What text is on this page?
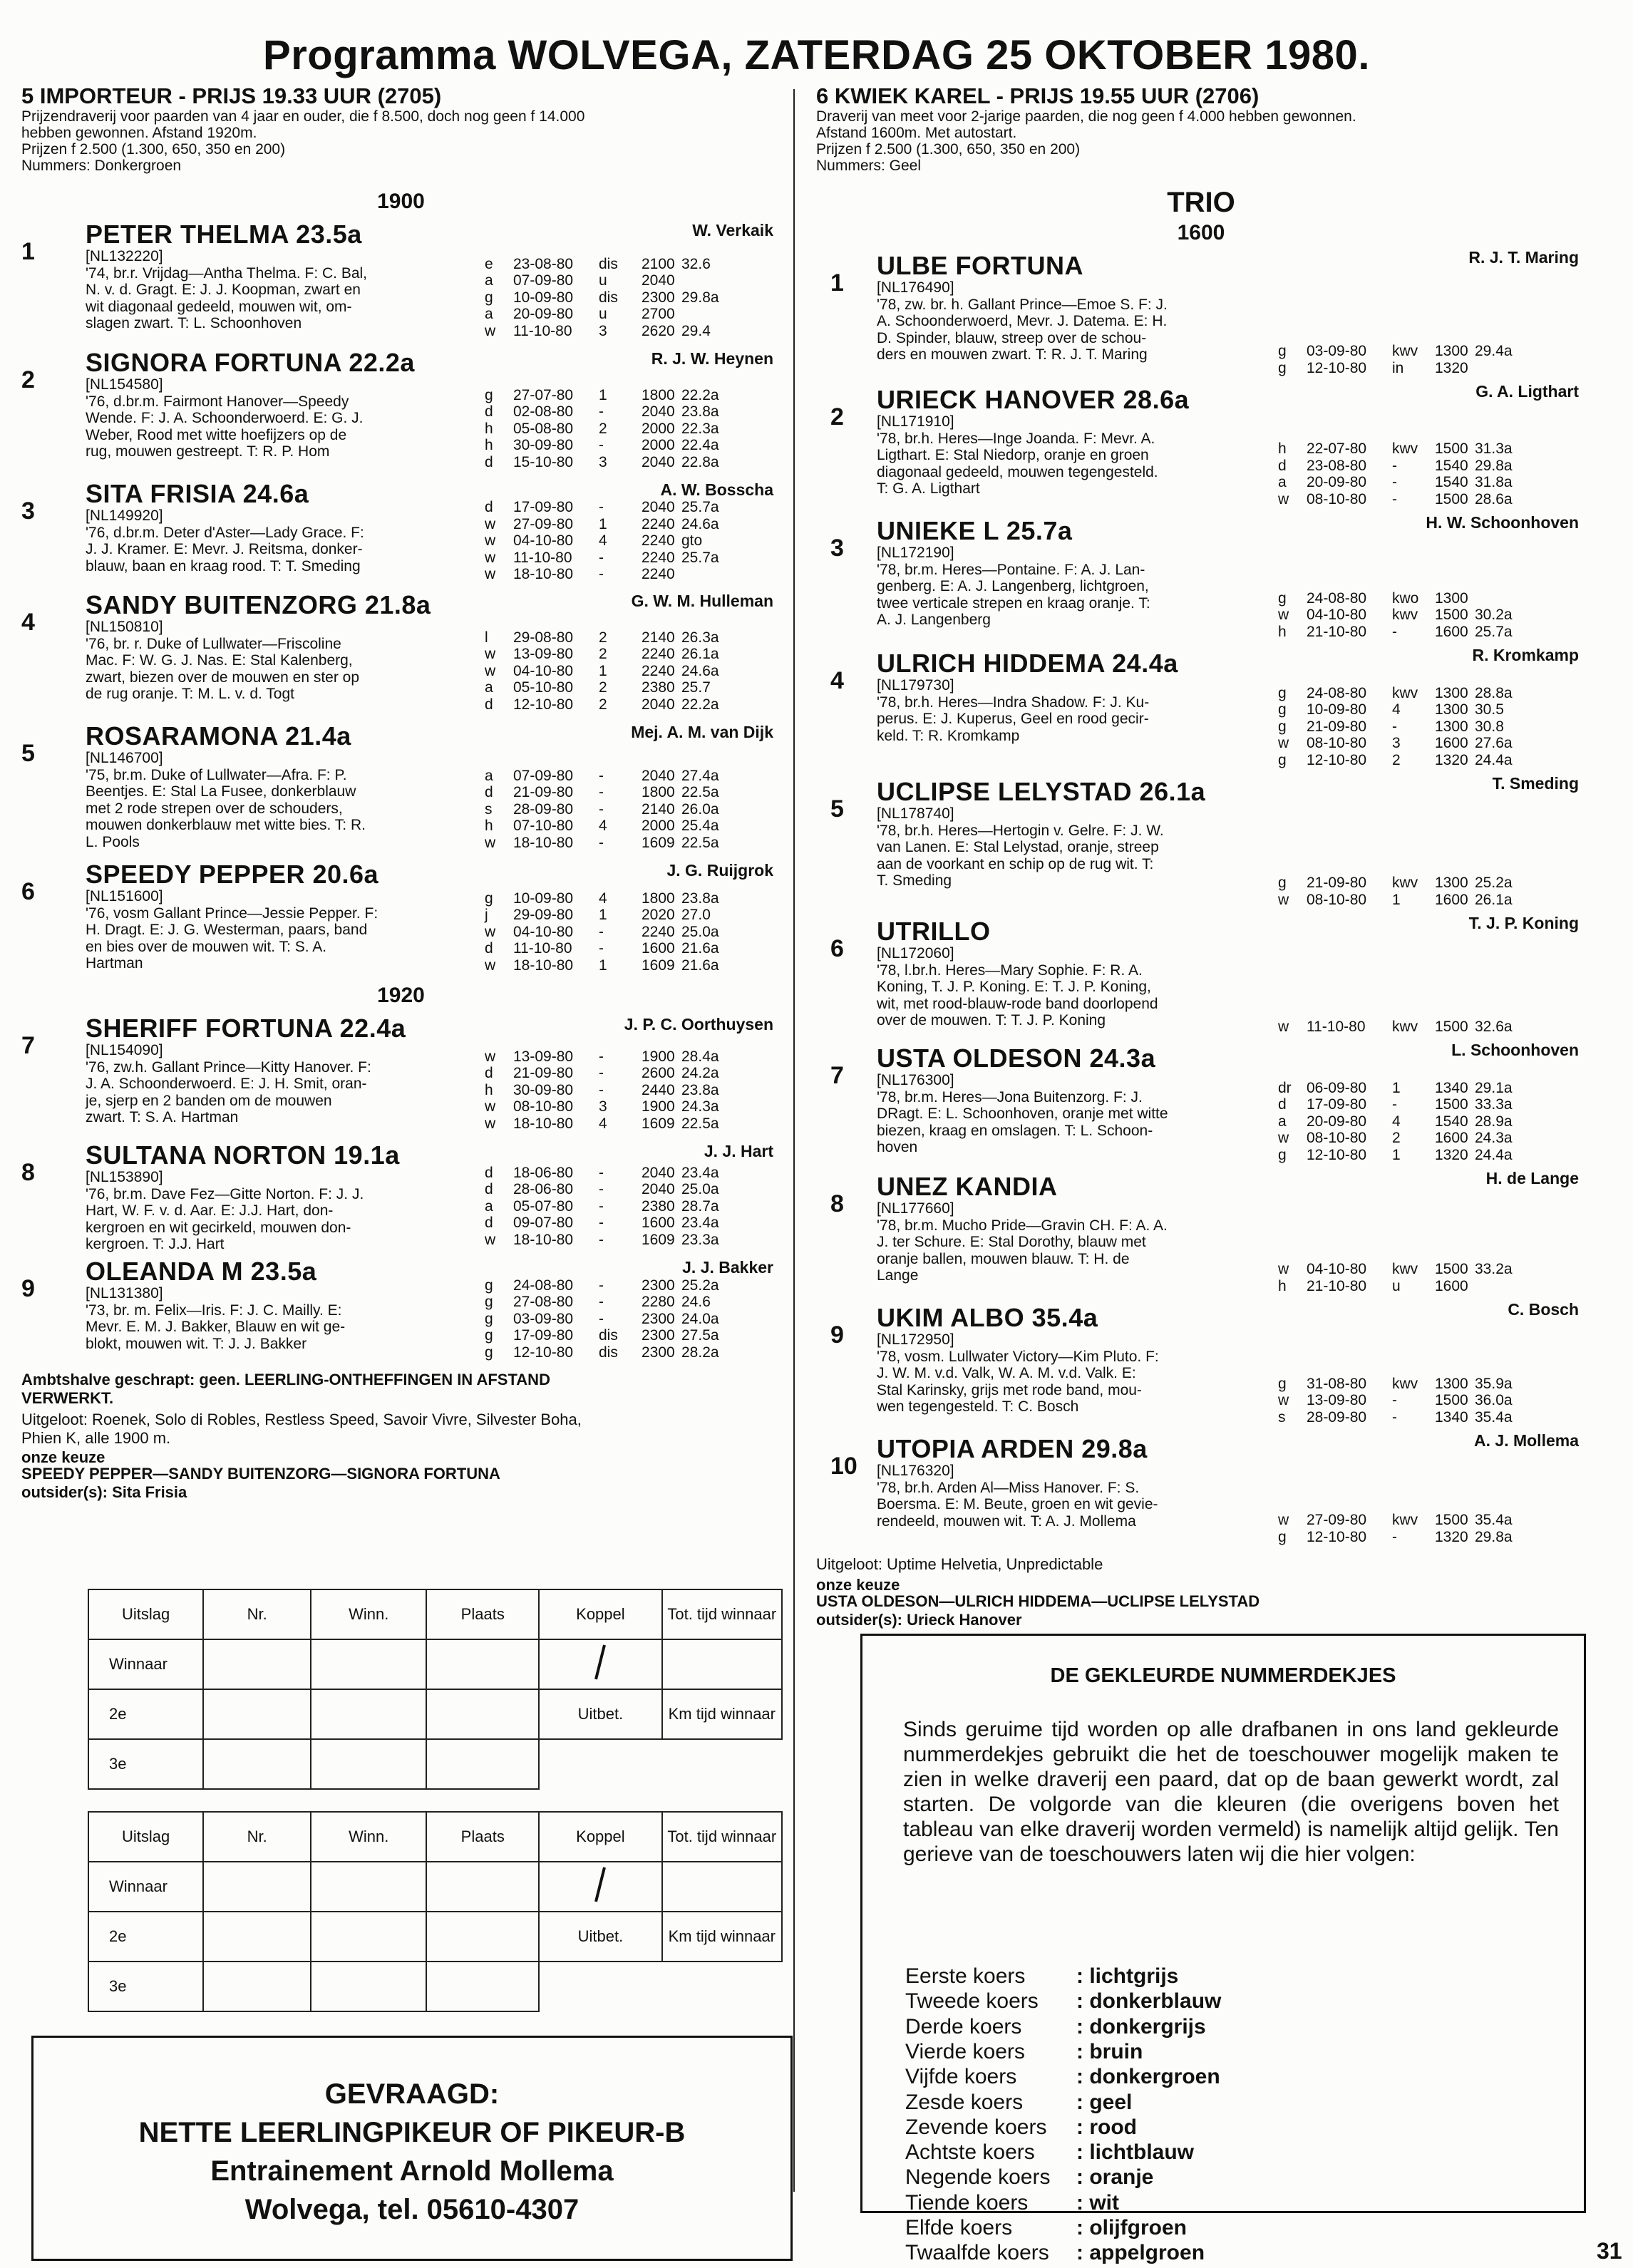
Programma WOLVEGA, ZATERDAG 25 OKTOBER 1980.
5 IMPORTEUR - PRIJS 19.33 UUR (2705)
Prijzendraverij voor paarden van 4 jaar en ouder, die f 8.500, doch nog geen f 14.000
hebben gewonnen. Afstand 1920m.
Prijzen f 2.500 (1.300, 650, 350 en 200)
Nummers: Donkergroen
1900
1
PETER THELMA 23.5a
[NL132220]
'74, br.r. Vrijdag—Antha Thelma. F: C. Bal,
N. v. d. Gragt. E: J. J. Koopman, zwart en
wit diagonaal gedeeld, mouwen wit, om-
slagen zwart. T: L. Schoonhoven
W. Verkaik
e	23-08-80	dis	2100	32.6
a	07-09-80	u	2040	
g	10-09-80	dis	2300	29.8a
a	20-09-80	u	2700	
w	11-10-80	3	2620	29.4
2
SIGNORA FORTUNA 22.2a
[NL154580]
'76, d.br.m. Fairmont Hanover—Speedy
Wende. F: J. A. Schoonderwoerd. E: G. J.
Weber, Rood met witte hoefijzers op de
rug, mouwen gestreept. T: R. P. Hom
R. J. W. Heynen
g	27-07-80	1	1800	22.2a
d	02-08-80	-	2040	23.8a
h	05-08-80	2	2000	22.3a
h	30-09-80	-	2000	22.4a
d	15-10-80	3	2040	22.8a
3
SITA FRISIA 24.6a
[NL149920]
'76, d.br.m. Deter d'Aster—Lady Grace. F:
J. J. Kramer. E: Mevr. J. Reitsma, donker-
blauw, baan en kraag rood. T: T. Smeding
A. W. Bosscha
d	17-09-80	-	2040	25.7a
w	27-09-80	1	2240	24.6a
w	04-10-80	4	2240	gto
w	11-10-80	-	2240	25.7a
w	18-10-80	-	2240	
4
SANDY BUITENZORG 21.8a
[NL150810]
'76, br. r. Duke of Lullwater—Friscoline
Mac. F: W. G. J. Nas. E: Stal Kalenberg,
zwart, biezen over de mouwen en ster op
de rug oranje. T: M. L. v. d. Togt
G. W. M. Hulleman
l	29-08-80	2	2140	26.3a
w	13-09-80	2	2240	26.1a
w	04-10-80	1	2240	24.6a
a	05-10-80	2	2380	25.7
d	12-10-80	2	2040	22.2a
5
ROSARAMONA 21.4a
[NL146700]
'75, br.m. Duke of Lullwater—Afra. F: P.
Beentjes. E: Stal La Fusee, donkerblauw
met 2 rode strepen over de schouders,
mouwen donkerblauw met witte bies. T: R.
L. Pools
Mej. A. M. van Dijk
a	07-09-80	-	2040	27.4a
d	21-09-80	-	1800	22.5a
s	28-09-80	-	2140	26.0a
h	07-10-80	4	2000	25.4a
w	18-10-80	-	1609	22.5a
6
SPEEDY PEPPER 20.6a
[NL151600]
'76, vosm Gallant Prince—Jessie Pepper. F:
H. Dragt. E: J. G. Westerman, paars, band
en bies over de mouwen wit. T: S. A.
Hartman
J. G. Ruijgrok
g	10-09-80	4	1800	23.8a
j	29-09-80	1	2020	27.0
w	04-10-80	-	2240	25.0a
d	11-10-80	-	1600	21.6a
w	18-10-80	1	1609	21.6a
1920
7
SHERIFF FORTUNA 22.4a
[NL154090]
'76, zw.h. Gallant Prince—Kitty Hanover. F:
J. A. Schoonderwoerd. E: J. H. Smit, oran-
je, sjerp en 2 banden om de mouwen
zwart. T: S. A. Hartman
J. P. C. Oorthuysen
w	13-09-80	-	1900	28.4a
d	21-09-80	-	2600	24.2a
h	30-09-80	-	2440	23.8a
w	08-10-80	3	1900	24.3a
w	18-10-80	4	1609	22.5a
8
SULTANA NORTON 19.1a
[NL153890]
'76, br.m. Dave Fez—Gitte Norton. F: J. J.
Hart, W. F. v. d. Aar. E: J.J. Hart, don-
kergroen en wit gecirkeld, mouwen don-
kergroen. T: J.J. Hart
J. J. Hart
d	18-06-80	-	2040	23.4a
d	28-06-80	-	2040	25.0a
a	05-07-80	-	2380	28.7a
d	09-07-80	-	1600	23.4a
w	18-10-80	-	1609	23.3a
9
OLEANDA M 23.5a
[NL131380]
'73, br. m. Felix—Iris. F: J. C. Mailly. E:
Mevr. E. M. J. Bakker, Blauw en wit ge-
blokt, mouwen wit. T: J. J. Bakker
J. J. Bakker
g	24-08-80	-	2300	25.2a
g	27-08-80	-	2280	24.6
g	03-09-80	-	2300	24.0a
g	17-09-80	dis	2300	27.5a
g	12-10-80	dis	2300	28.2a
Ambtshalve geschrapt: geen. LEERLING-ONTHEFFINGEN IN AFSTAND
VERWERKT.
Uitgeloot: Roenek, Solo di Robles, Restless Speed, Savoir Vivre, Silvester Boha,
Phien K, alle 1900 m.
onze keuze
SPEEDY PEPPER—SANDY BUITENZORG—SIGNORA FORTUNA
outsider(s): Sita Frisia
Uitslag	Nr.	Winn.	Plaats	Koppel	Tot. tijd winnaar
Winnaar					
2e				Uitbet.	Km tijd winnaar
3e					
Uitslag	Nr.	Winn.	Plaats	Koppel	Tot. tijd winnaar
Winnaar					
2e				Uitbet.	Km tijd winnaar
3e					
GEVRAAGD:
NETTE LEERLINGPIKEUR OF PIKEUR-B
Entrainement Arnold Mollema
Wolvega, tel. 05610-4307
6 KWIEK KAREL - PRIJS 19.55 UUR (2706)
Draverij van meet voor 2-jarige paarden, die nog geen f 4.000 hebben gewonnen.
Afstand 1600m. Met autostart.
Prijzen f 2.500 (1.300, 650, 350 en 200)
Nummers: Geel
TRIO
1600
1
ULBE FORTUNA
[NL176490]
'78, zw. br. h. Gallant Prince—Emoe S. F: J.
A. Schoonderwoerd, Mevr. J. Datema. E: H.
D. Spinder, blauw, streep over de schou-
ders en mouwen zwart. T: R. J. T. Maring
R. J. T. Maring
g	03-09-80	kwv	1300	29.4a
g	12-10-80	in	1320	
2
URIECK HANOVER 28.6a
[NL171910]
'78, br.h. Heres—Inge Joanda. F: Mevr. A.
Ligthart. E: Stal Niedorp, oranje en groen
diagonaal gedeeld, mouwen tegengesteld.
T: G. A. Ligthart
G. A. Ligthart
h	22-07-80	kwv	1500	31.3a
d	23-08-80	-	1540	29.8a
a	20-09-80	-	1540	31.8a
w	08-10-80	-	1500	28.6a
3
UNIEKE L 25.7a
[NL172190]
'78, br.m. Heres—Pontaine. F: A. J. Lan-
genberg. E: A. J. Langenberg, lichtgroen,
twee verticale strepen en kraag oranje. T:
A. J. Langenberg
H. W. Schoonhoven
g	24-08-80	kwo	1300	
w	04-10-80	kwv	1500	30.2a
h	21-10-80	-	1600	25.7a
4
ULRICH HIDDEMA 24.4a
[NL179730]
'78, br.h. Heres—Indra Shadow. F: J. Ku-
perus. E: J. Kuperus, Geel en rood gecir-
keld. T: R. Kromkamp
R. Kromkamp
g	24-08-80	kwv	1300	28.8a
g	10-09-80	4	1300	30.5
g	21-09-80	-	1300	30.8
w	08-10-80	3	1600	27.6a
g	12-10-80	2	1320	24.4a
5
UCLIPSE LELYSTAD 26.1a
[NL178740]
'78, br.h. Heres—Hertogin v. Gelre. F: J. W.
van Lanen. E: Stal Lelystad, oranje, streep
aan de voorkant en schip op de rug wit. T:
T. Smeding
T. Smeding
g	21-09-80	kwv	1300	25.2a
w	08-10-80	1	1600	26.1a
6
UTRILLO
[NL172060]
'78, l.br.h. Heres—Mary Sophie. F: R. A.
Koning, T. J. P. Koning. E: T. J. P. Koning,
wit, met rood-blauw-rode band doorlopend
over de mouwen. T: T. J. P. Koning
T. J. P. Koning
w	11-10-80	kwv	1500	32.6a
7
USTA OLDESON 24.3a
[NL176300]
'78, br.m. Heres—Jona Buitenzorg. F: J.
DRagt. E: L. Schoonhoven, oranje met witte
biezen, kraag en omslagen. T: L. Schoon-
hoven
L. Schoonhoven
dr	06-09-80	1	1340	29.1a
d	17-09-80	-	1500	33.3a
a	20-09-80	4	1540	28.9a
w	08-10-80	2	1600	24.3a
g	12-10-80	1	1320	24.4a
8
UNEZ KANDIA
[NL177660]
'78, br.m. Mucho Pride—Gravin CH. F: A. A.
J. ter Schure. E: Stal Dorothy, blauw met
oranje ballen, mouwen blauw. T: H. de
Lange
H. de Lange
w	04-10-80	kwv	1500	33.2a
h	21-10-80	u	1600	
9
UKIM ALBO 35.4a
[NL172950]
'78, vosm. Lullwater Victory—Kim Pluto. F:
J. W. M. v.d. Valk, W. A. M. v.d. Valk. E:
Stal Karinsky, grijs met rode band, mou-
wen tegengesteld. T: C. Bosch
C. Bosch
g	31-08-80	kwv	1300	35.9a
w	13-09-80	-	1500	36.0a
s	28-09-80	-	1340	35.4a
10
UTOPIA ARDEN 29.8a
[NL176320]
'78, br.h. Arden Al—Miss Hanover. F: S.
Boersma. E: M. Beute, groen en wit gevie-
rendeeld, mouwen wit. T: A. J. Mollema
A. J. Mollema
w	27-09-80	kwv	1500	35.4a
g	12-10-80	-	1320	29.8a
Uitgeloot: Uptime Helvetia, Unpredictable
onze keuze
USTA OLDESON—ULRICH HIDDEMA—UCLIPSE LELYSTAD
outsider(s): Urieck Hanover
DE GEKLEURDE NUMMERDEKJES
Sinds geruime tijd worden op alle drafbanen in ons land gekleurde nummerdekjes gebruikt die het de toeschouwer mogelijk maken te zien in welke draverij een paard, dat op de baan gewerkt wordt, zal starten. De volgorde van die kleuren (die overigens boven het tableau van elke draverij worden vermeld) is namelijk altijd gelijk. Ten gerieve van de toeschouwers laten wij die hier volgen:
Eerste koers : lichtgrijs
Tweede koers : donkerblauw
Derde koers	: donkergrijs
Vierde koers : bruin
Vijfde koers	: donkergroen
Zesde koers : geel
Zevende koers : rood
Achtste koers : lichtblauw
Negende koers : oranje
Tiende koers : wit
Elfde koers	: olijfgroen
Twaalfde koers : appelgroen	31
